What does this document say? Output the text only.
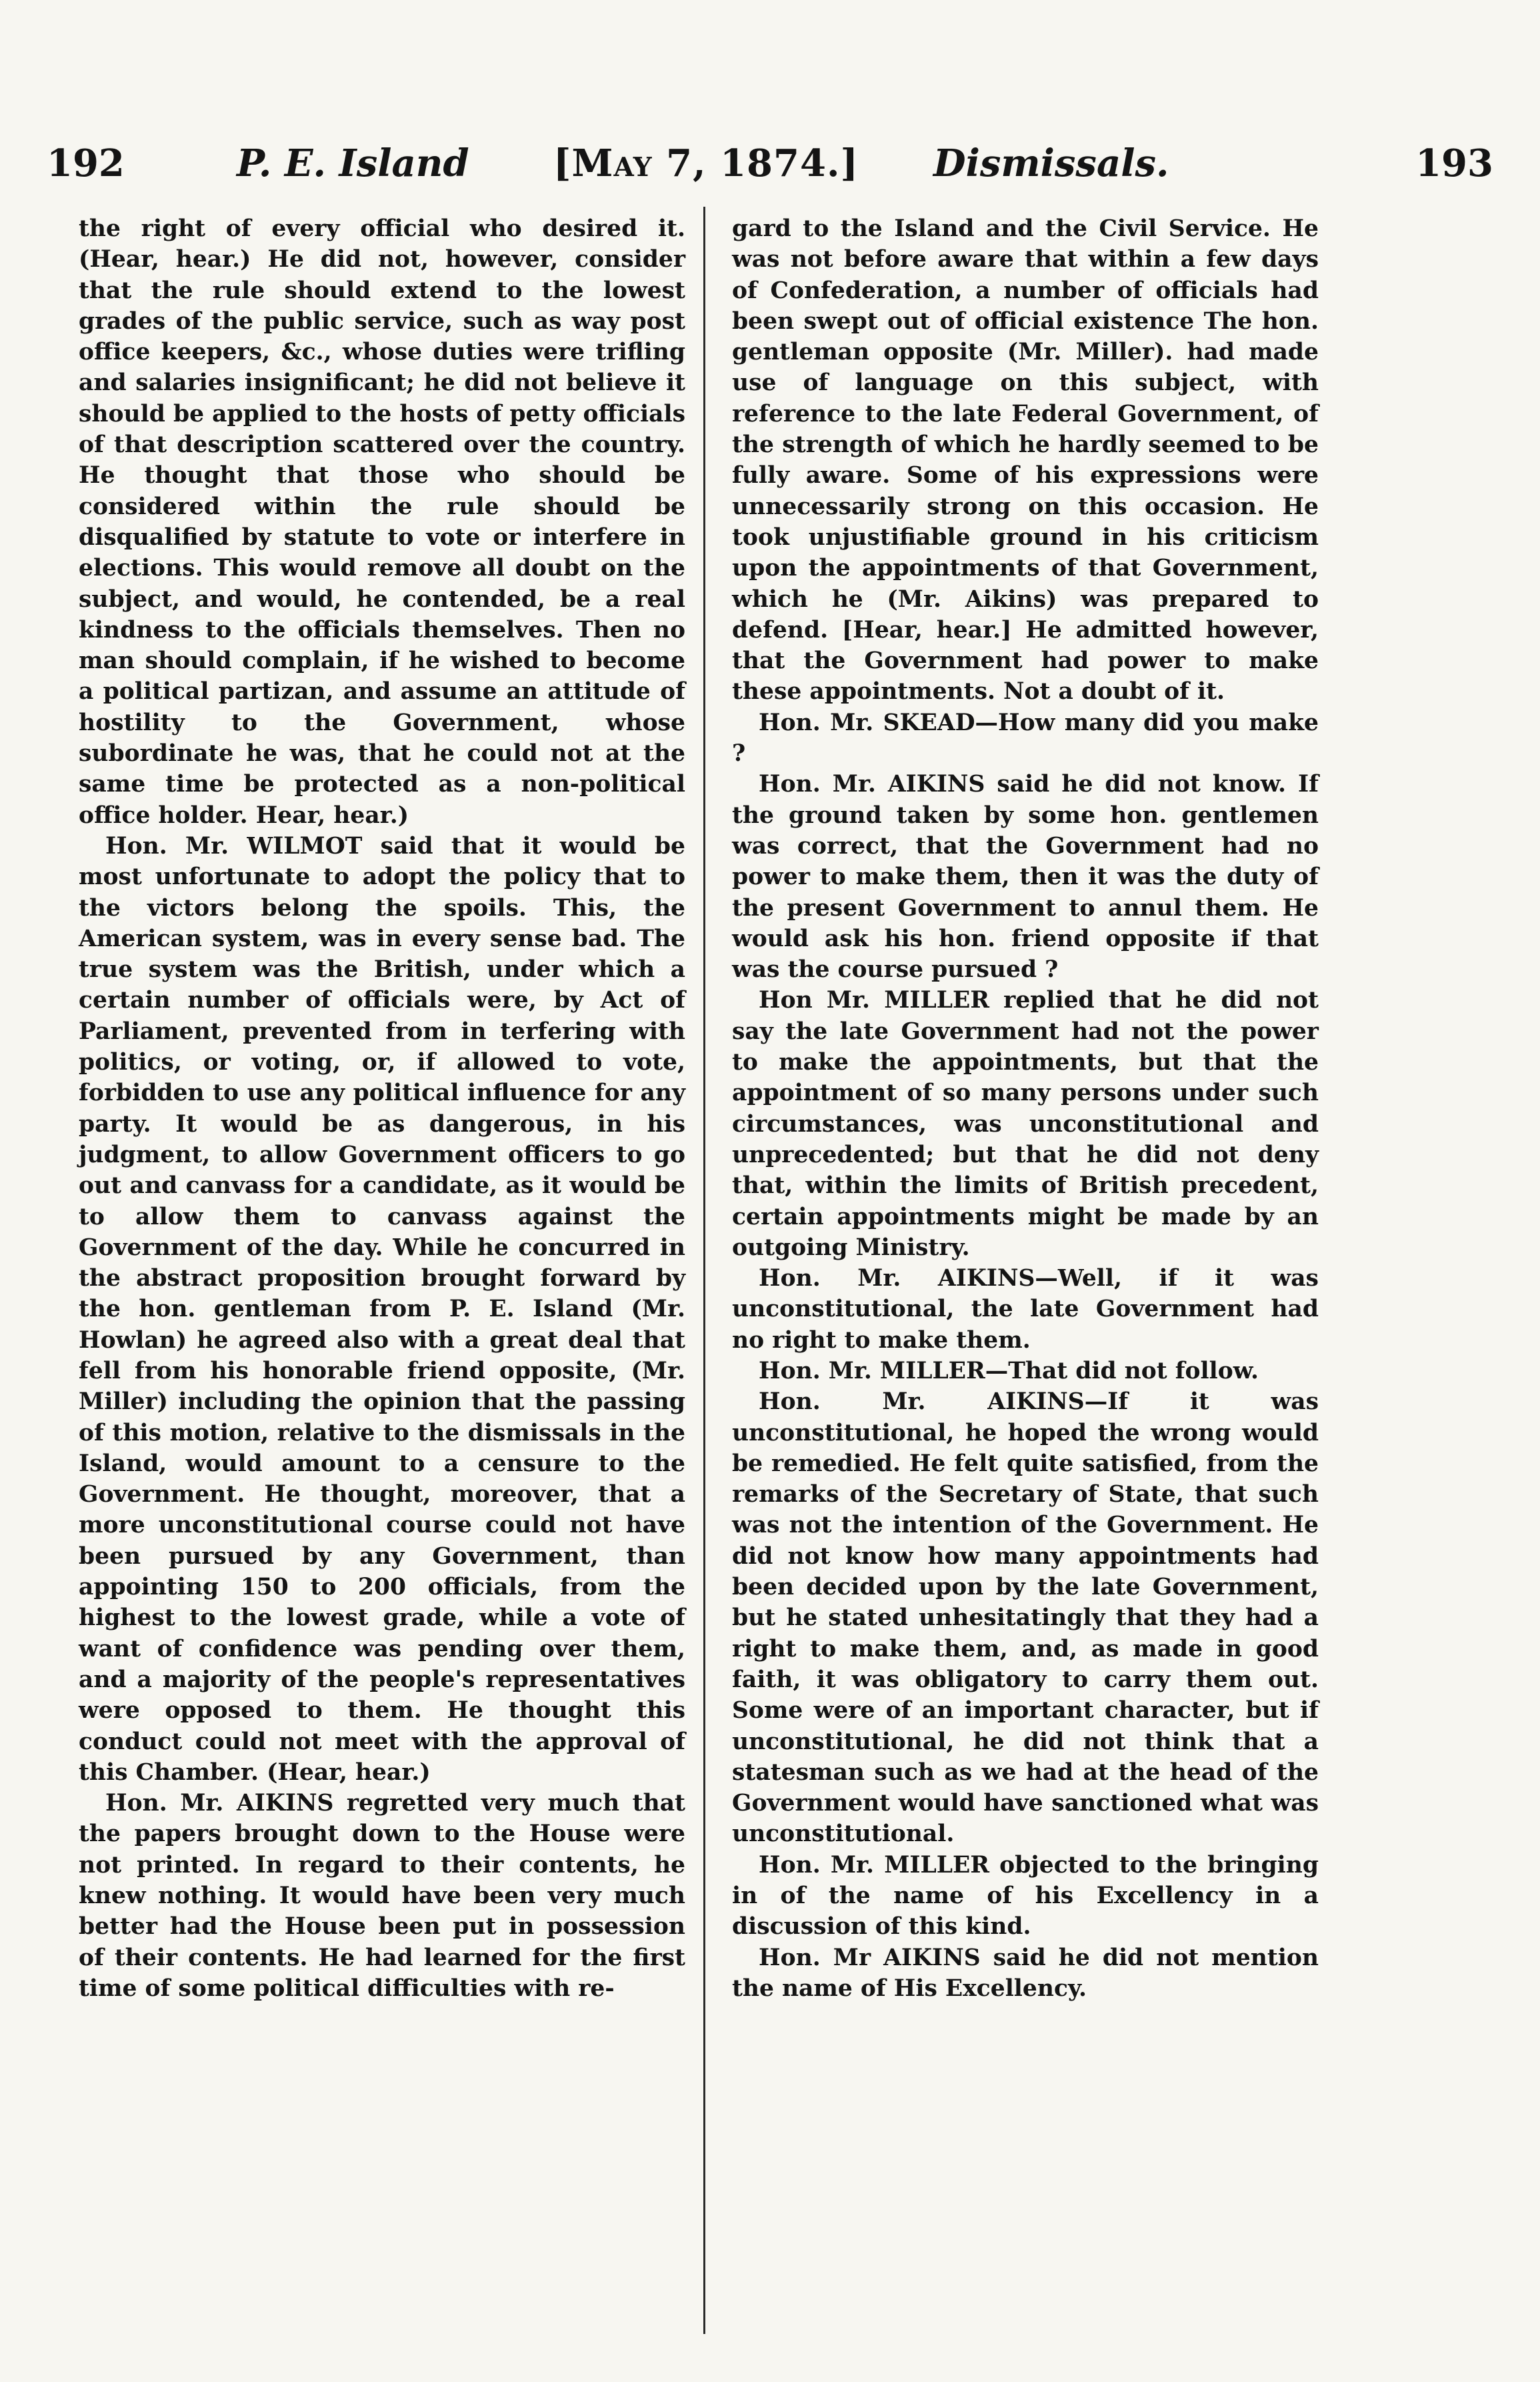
192	P. E. Island [May 7, 1874.] Dismissals.	193

the right of every official who desired it. (Hear, hear.) He did not, however, consider that the rule should extend to the lowest grades of the public service, such as way post office keepers, &c., whose duties were trifling and salaries insignificant; he did not believe it should be applied to the hosts of petty officials of that description scattered over the country. He thought that those who should be considered within the rule should be disqualified by statute to vote or interfere in elections. This would remove all doubt on the subject, and would, he contended, be a real kindness to the officials themselves. Then no man should complain, if he wished to become a political partizan, and assume an attitude of hostility to the Government, whose subordinate he was, that he could not at the same time be protected as a non-political office holder. Hear, hear.)

Hon. Mr. WILMOT said that it would be most unfortunate to adopt the policy that to the victors belong the spoils. This, the American system, was in every sense bad. The true system was the British, under which a certain number of officials were, by Act of Parliament, prevented from in terfering with politics, or voting, or, if allowed to vote, forbidden to use any political influence for any party. It would be as dangerous, in his judgment, to allow Government officers to go out and canvass for a candidate, as it would be to allow them to canvass against the Government of the day. While he concurred in the abstract proposition brought forward by the hon. gentleman from P. E. Island (Mr. Howlan) he agreed also with a great deal that fell from his honorable friend opposite, (Mr. Miller) including the opinion that the passing of this motion, relative to the dismissals in the Island, would amount to a censure to the Government. He thought, moreover, that a more unconstitutional course could not have been pursued by any Government, than appointing 150 to 200 officials, from the highest to the lowest grade, while a vote of want of confidence was pending over them, and a majority of the people's representatives were opposed to them. He thought this conduct could not meet with the approval of this Chamber. (Hear, hear.)

Hon. Mr. AIKINS regretted very much that the papers brought down to the House were not printed. In regard to their contents, he knew nothing. It would have been very much better had the House been put in possession of their contents. He had learned for the first time of some political difficulties with re-

gard to the Island and the Civil Service. He was not before aware that within a few days of Confederation, a number of officials had been swept out of official existence The hon. gentleman opposite (Mr. Miller). had made use of language on this subject, with reference to the late Federal Government, of the strength of which he hardly seemed to be fully aware. Some of his expressions were unnecessarily strong on this occasion. He took unjustifiable ground in his criticism upon the appointments of that Government, which he (Mr. Aikins) was prepared to defend. [Hear, hear.] He admitted however, that the Government had power to make these appointments. Not a doubt of it.

Hon. Mr. SKEAD—How many did you make ?

Hon. Mr. AIKINS said he did not know. If the ground taken by some hon. gentlemen was correct, that the Government had no power to make them, then it was the duty of the present Government to annul them. He would ask his hon. friend opposite if that was the course pursued ?

Hon Mr. MILLER replied that he did not say the late Government had not the power to make the appointments, but that the appointment of so many persons under such circumstances, was unconstitutional and unprecedented; but that he did not deny that, within the limits of British precedent, certain appointments might be made by an outgoing Ministry.

Hon. Mr. AIKINS—Well, if it was unconstitutional, the late Government had no right to make them.

Hon. Mr. MILLER—That did not follow.

Hon. Mr. AIKINS—If it was unconstitutional, he hoped the wrong would be remedied. He felt quite satisfied, from the remarks of the Secretary of State, that such was not the intention of the Government. He did not know how many appointments had been decided upon by the late Government, but he stated unhesitatingly that they had a right to make them, and, as made in good faith, it was obligatory to carry them out. Some were of an important character, but if unconstitutional, he did not think that a statesman such as we had at the head of the Government would have sanctioned what was unconstitutional.

Hon. Mr. MILLER objected to the bringing in of the name of his Excellency in a discussion of this kind.

Hon. Mr AIKINS said he did not mention the name of His Excellency.
